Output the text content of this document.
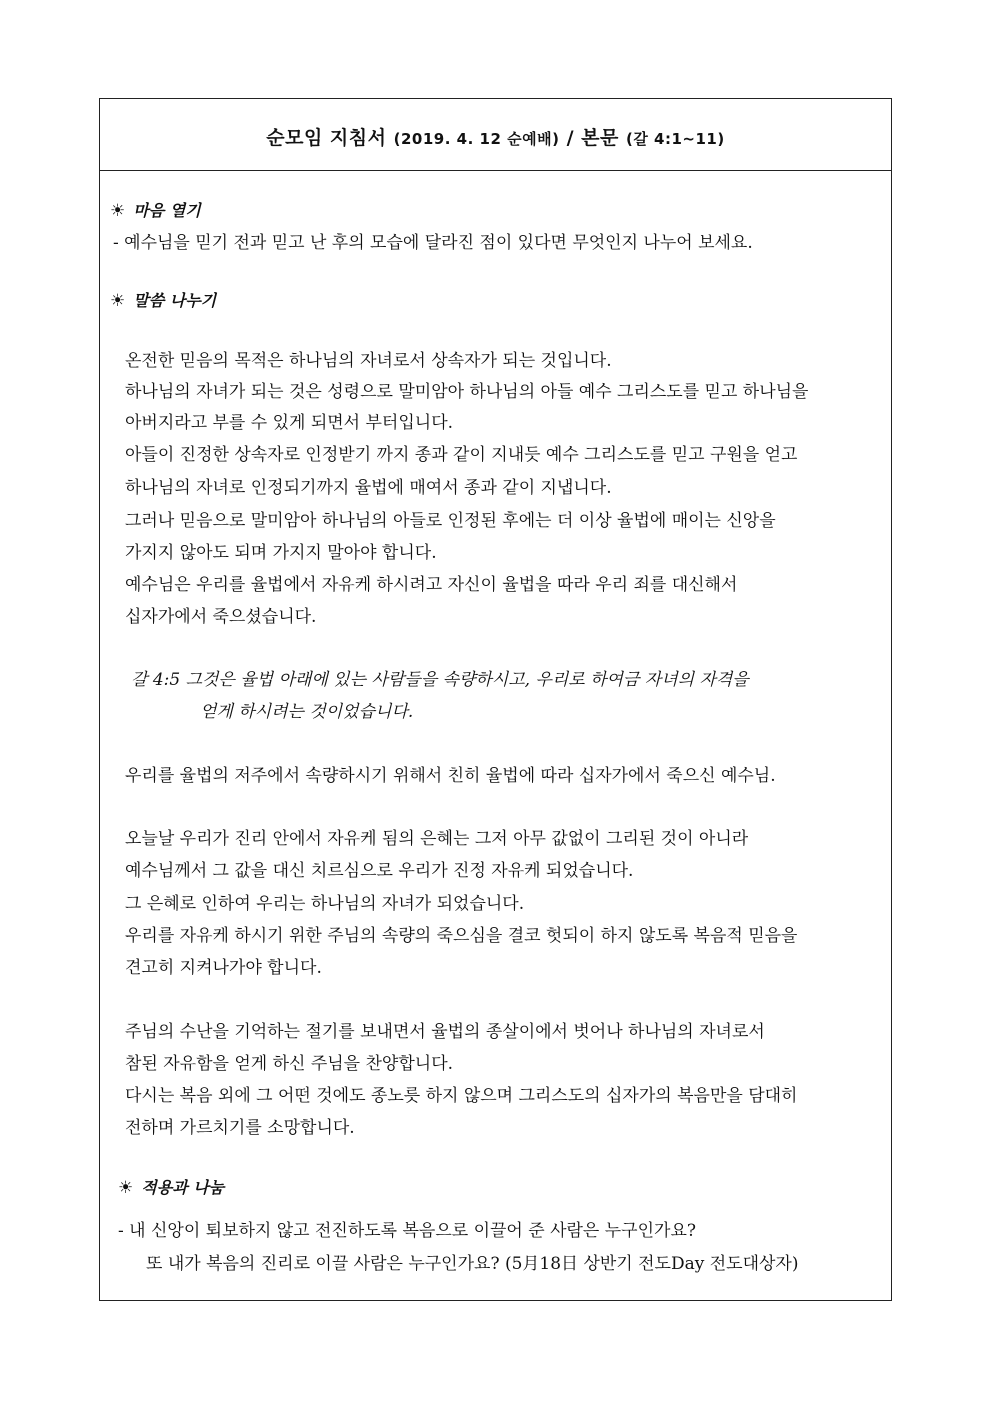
순모임 지침서 (2019. 4. 12 순예배) / 본문 (갈 4:1~11)
☀ 마음 열기
- 예수님을 믿기 전과 믿고 난 후의 모습에 달라진 점이 있다면 무엇인지 나누어 보세요.
☀ 말씀 나누기
온전한 믿음의 목적은 하나님의 자녀로서 상속자가 되는 것입니다.
하나님의 자녀가 되는 것은 성령으로 말미암아 하나님의 아들 예수 그리스도를 믿고 하나님을
아버지라고 부를 수 있게 되면서 부터입니다.
아들이 진정한 상속자로 인정받기 까지 종과 같이 지내듯 예수 그리스도를 믿고 구원을 얻고
하나님의 자녀로 인정되기까지 율법에 매여서 종과 같이 지냅니다.
그러나 믿음으로 말미암아 하나님의 아들로 인정된 후에는 더 이상 율법에 매이는 신앙을
가지지 않아도 되며 가지지 말아야 합니다.
예수님은 우리를 율법에서 자유케 하시려고 자신이 율법을 따라 우리 죄를 대신해서
십자가에서 죽으셨습니다.
갈 4:5 그것은 율법 아래에 있는 사람들을 속량하시고, 우리로 하여금 자녀의 자격을
얻게 하시려는 것이었습니다.
우리를 율법의 저주에서 속량하시기 위해서 친히 율법에 따라 십자가에서 죽으신 예수님.
오늘날 우리가 진리 안에서 자유케 됨의 은혜는 그저 아무 값없이 그리된 것이 아니라
예수님께서 그 값을 대신 치르심으로 우리가 진정 자유케 되었습니다.
그 은혜로 인하여 우리는 하나님의 자녀가 되었습니다.
우리를 자유케 하시기 위한 주님의 속량의 죽으심을 결코 헛되이 하지 않도록 복음적 믿음을
견고히 지켜나가야 합니다.
주님의 수난을 기억하는 절기를 보내면서 율법의 종살이에서 벗어나 하나님의 자녀로서
참된 자유함을 얻게 하신 주님을 찬양합니다.
다시는 복음 외에 그 어떤 것에도 종노릇 하지 않으며 그리스도의 십자가의 복음만을 담대히
전하며 가르치기를 소망합니다.
☀ 적용과 나눔
- 내 신앙이 퇴보하지 않고 전진하도록 복음으로 이끌어 준 사람은 누구인가요?
또 내가 복음의 진리로 이끌 사람은 누구인가요? (5月18日 상반기 전도Day 전도대상자)
